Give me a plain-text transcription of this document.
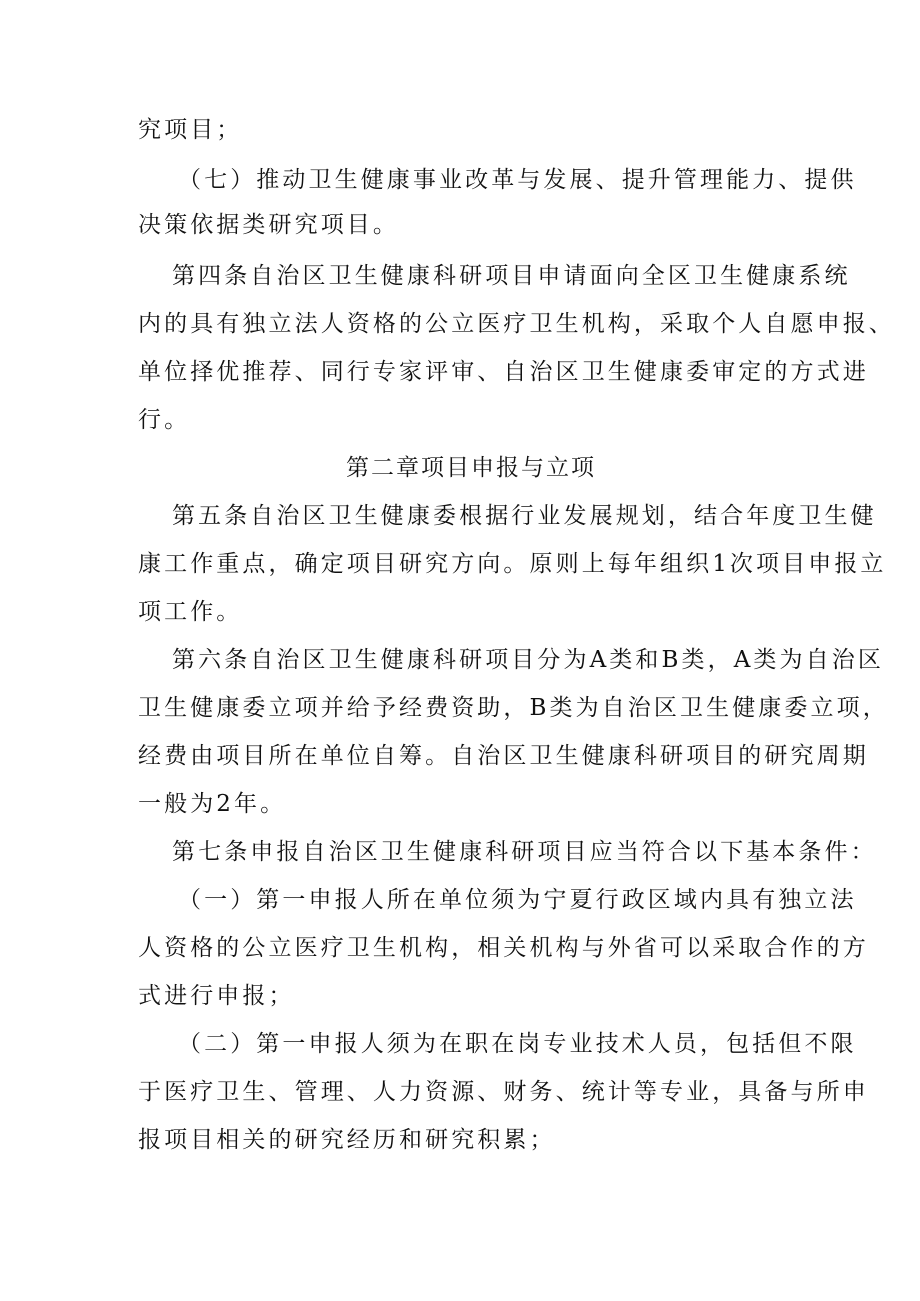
究项目；
（七）推动卫生健康事业改革与发展、提升管理能力、提供
决策依据类研究项目。
第四条自治区卫生健康科研项目申请面向全区卫生健康系统
内的具有独立法人资格的公立医疗卫生机构，采取个人自愿申报、
单位择优推荐、同行专家评审、自治区卫生健康委审定的方式进
行。
第二章项目申报与立项
第五条自治区卫生健康委根据行业发展规划，结合年度卫生健
康工作重点，确定项目研究方向。原则上每年组织1次项目申报立
项工作。
第六条自治区卫生健康科研项目分为A类和B类，A类为自治区
卫生健康委立项并给予经费资助，B类为自治区卫生健康委立项，
经费由项目所在单位自筹。自治区卫生健康科研项目的研究周期
一般为2年。
第七条申报自治区卫生健康科研项目应当符合以下基本条件：
（一）第一申报人所在单位须为宁夏行政区域内具有独立法
人资格的公立医疗卫生机构，相关机构与外省可以采取合作的方
式进行申报；
（二）第一申报人须为在职在岗专业技术人员，包括但不限
于医疗卫生、管理、人力资源、财务、统计等专业，具备与所申
报项目相关的研究经历和研究积累；
